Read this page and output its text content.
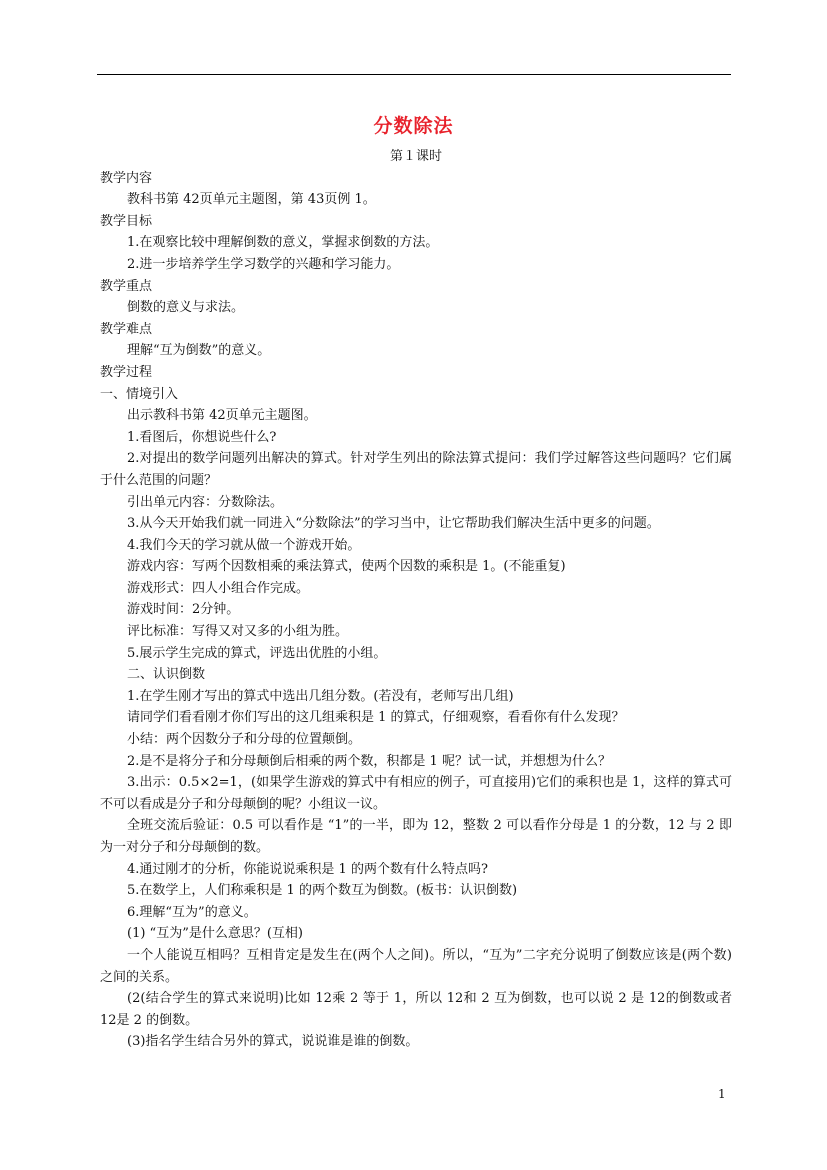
分数除法

第１课时

教学内容

教科书第 42页单元主题图，第 43页例 1。

教学目标

1.在观察比较中理解倒数的意义，掌握求倒数的方法。

2.进一步培养学生学习数学的兴趣和学习能力。

教学重点

倒数的意义与求法。

教学难点

理解“互为倒数”的意义。

教学过程

一、情境引入

出示教科书第 42页单元主题图。

1.看图后，你想说些什么?

2.对提出的数学问题列出解决的算式。针对学生列出的除法算式提问：我们学过解答这些问题吗？它们属于什么范围的问题？

引出单元内容：分数除法。

3.从今天开始我们就一同进入“分数除法”的学习当中，让它帮助我们解决生活中更多的问题。

4.我们今天的学习就从做一个游戏开始。

游戏内容：写两个因数相乘的乘法算式，使两个因数的乘积是 1。(不能重复)

游戏形式：四人小组合作完成。

游戏时间：2分钟。

评比标准：写得又对又多的小组为胜。

5.展示学生完成的算式，评选出优胜的小组。

二、认识倒数

1.在学生刚才写出的算式中选出几组分数。(若没有，老师写出几组)

请同学们看看刚才你们写出的这几组乘积是 1 的算式，仔细观察，看看你有什么发现？

小结：两个因数分子和分母的位置颠倒。

2.是不是将分子和分母颠倒后相乘的两个数，积都是 1 呢？试一试，并想想为什么？

3.出示：0.5×2=1，(如果学生游戏的算式中有相应的例子，可直接用)它们的乘积也是 1，这样的算式可不可以看成是分子和分母颠倒的呢？小组议一议。

全班交流后验证：0.5 可以看作是 “1”的一半，即为 12，整数 2 可以看作分母是 1 的分数，12 与 2 即为一对分子和分母颠倒的数。

4.通过刚才的分析，你能说说乘积是 1 的两个数有什么特点吗?

5.在数学上，人们称乘积是 1 的两个数互为倒数。(板书：认识倒数)

6.理解“互为”的意义。

(1) “互为”是什么意思？(互相)

一个人能说互相吗？互相肯定是发生在(两个人之间)。所以，“互为”二字充分说明了倒数应该是(两个数)之间的关系。

(2(结合学生的算式来说明)比如 12乘 2 等于 1，所以 12和 2 互为倒数，也可以说 2 是 12的倒数或者 12是 2 的倒数。

(3)指名学生结合另外的算式，说说谁是谁的倒数。

1
